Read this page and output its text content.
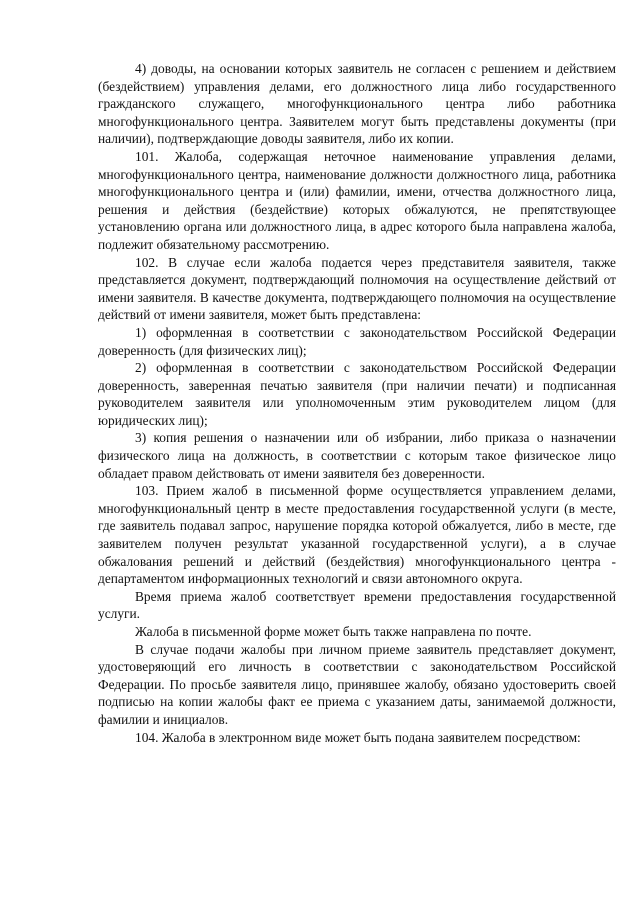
4) доводы, на основании которых заявитель не согласен с решением и действием (бездействием) управления делами, его должностного лица либо государственного гражданского служащего, многофункционального центра либо работника многофункционального центра. Заявителем могут быть представлены документы (при наличии), подтверждающие доводы заявителя, либо их копии.

101. Жалоба, содержащая неточное наименование управления делами, многофункционального центра, наименование должности должностного лица, работника многофункционального центра и (или) фамилии, имени, отчества должностного лица, решения и действия (бездействие) которых обжалуются, не препятствующее установлению органа или должностного лица, в адрес которого была направлена жалоба, подлежит обязательному рассмотрению.

102. В случае если жалоба подается через представителя заявителя, также представляется документ, подтверждающий полномочия на осуществление действий от имени заявителя. В качестве документа, подтверждающего полномочия на осуществление действий от имени заявителя, может быть представлена:

1) оформленная в соответствии с законодательством Российской Федерации доверенность (для физических лиц);

2) оформленная в соответствии с законодательством Российской Федерации доверенность, заверенная печатью заявителя (при наличии печати) и подписанная руководителем заявителя или уполномоченным этим руководителем лицом (для юридических лиц);

3) копия решения о назначении или об избрании, либо приказа о назначении физического лица на должность, в соответствии с которым такое физическое лицо обладает правом действовать от имени заявителя без доверенности.

103. Прием жалоб в письменной форме осуществляется управлением делами, многофункциональный центр в месте предоставления государственной услуги (в месте, где заявитель подавал запрос, нарушение порядка которой обжалуется, либо в месте, где заявителем получен результат указанной государственной услуги), а в случае обжалования решений и действий (бездействия) многофункционального центра - департаментом информационных технологий и связи автономного округа.

Время приема жалоб соответствует времени предоставления государственной услуги.

Жалоба в письменной форме может быть также направлена по почте.

В случае подачи жалобы при личном приеме заявитель представляет документ, удостоверяющий его личность в соответствии с законодательством Российской Федерации. По просьбе заявителя лицо, принявшее жалобу, обязано удостоверить своей подписью на копии жалобы факт ее приема с указанием даты, занимаемой должности, фамилии и инициалов.

104. Жалоба в электронном виде может быть подана заявителем посредством:
